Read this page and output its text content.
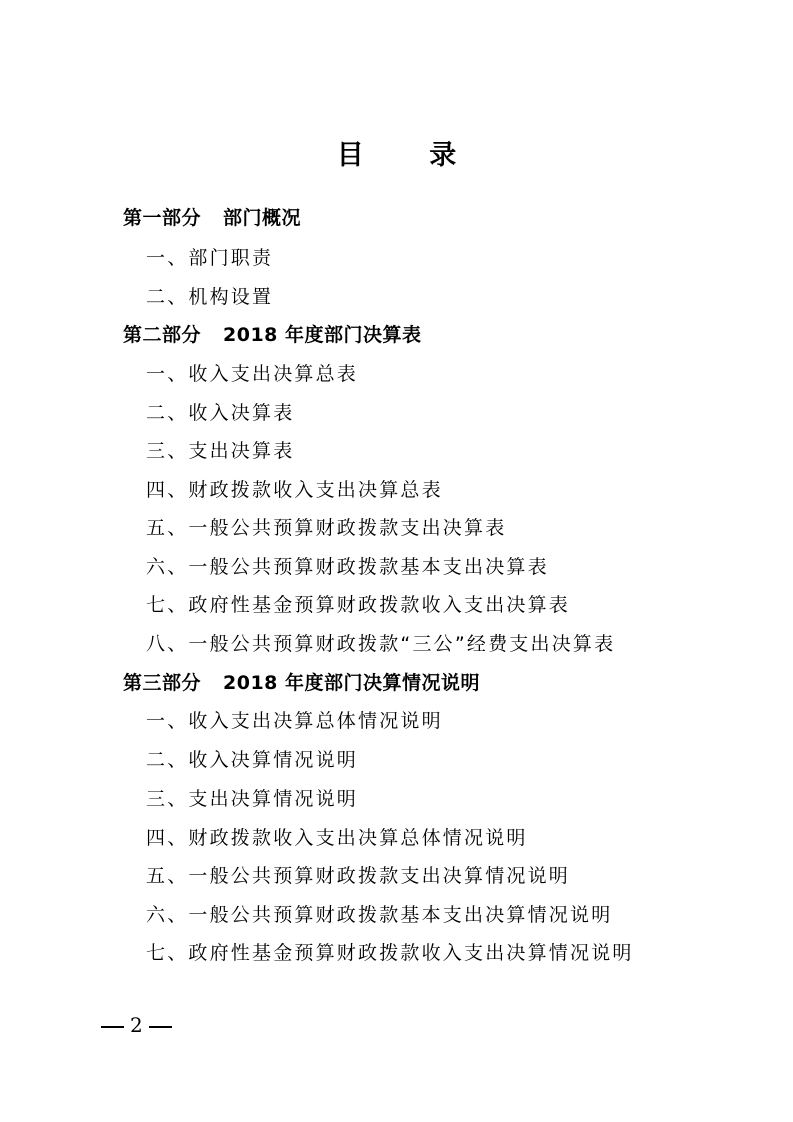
目 录
第一部分 部门概况
一、部门职责
二、机构设置
第二部分 2018 年度部门决算表
一、收入支出决算总表
二、收入决算表
三、支出决算表
四、财政拨款收入支出决算总表
五、一般公共预算财政拨款支出决算表
六、一般公共预算财政拨款基本支出决算表
七、政府性基金预算财政拨款收入支出决算表
八、一般公共预算财政拨款“三公”经费支出决算表
第三部分 2018 年度部门决算情况说明
一、收入支出决算总体情况说明
二、收入决算情况说明
三、支出决算情况说明
四、财政拨款收入支出决算总体情况说明
五、一般公共预算财政拨款支出决算情况说明
六、一般公共预算财政拨款基本支出决算情况说明
七、政府性基金预算财政拨款收入支出决算情况说明
2
